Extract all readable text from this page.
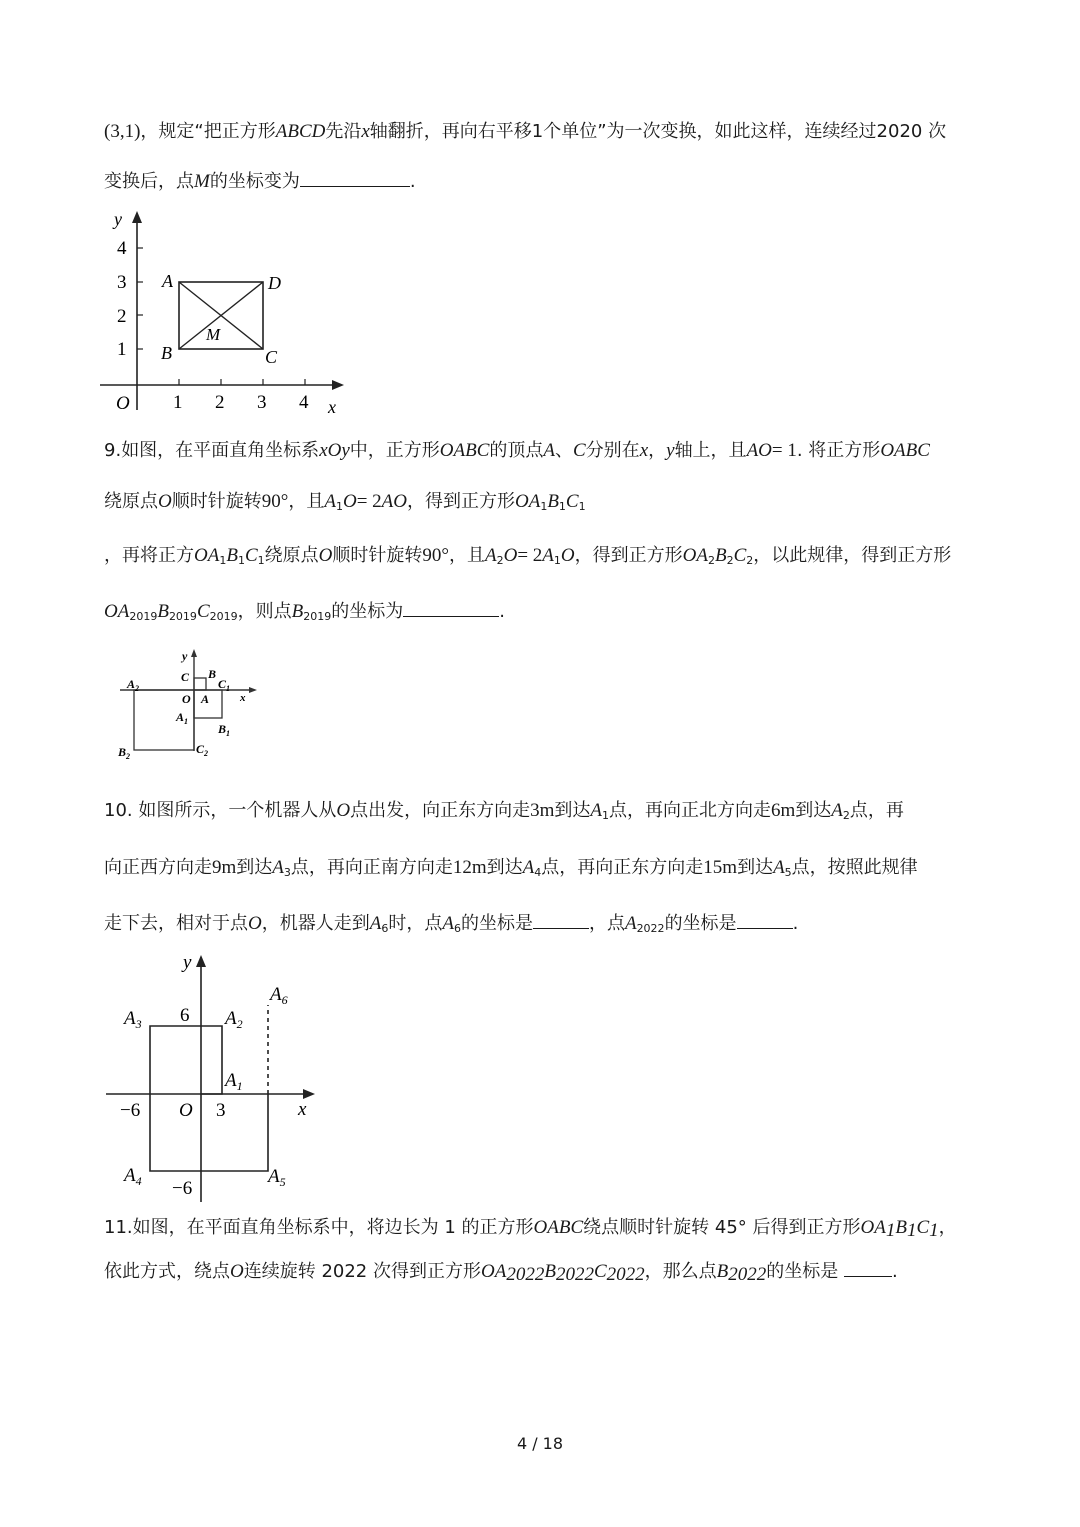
(3,1)，规定“把正方形ABCD先沿x轴翻折，再向右平移1个单位”为一次变换，如此这样，连续经过2020 次
变换后，点M的坐标变为	.
y
x
O
1
2
3
4
1 2 3 4
A	D
B	C
M
9.如图，在平面直角坐标系xOy中，正方形OABC的顶点A、C分别在x，y轴上，且AO= 1. 将正方形OABC
绕原点O顺时针旋转90°，且$A_1O= 2AO$，得到正方形$OA_1B_1C_1$
，再将正方$OA_1B_1C_1$绕原点O顺时针旋转90°，且$A_2O= 2A_1O$，得到正方形$OA_2B_2C_2$，以此规律，得到正方形
$OA_{2019}B_{2019}C_{2019}$，则点$B_{2019}$的坐标为	.
y
x
$A_2$
C B
$C_1$
O A
$A_1$
$B_1$
$B_2$
$C_2$
10. 如图所示，一个机器人从O点出发，向正东方向走3m到达$A_1$点，再向正北方向走6m到达$A_2$点，再
向正西方向走9m到达$A_3$点，再向正南方向走12m到达$A_4$点，再向正东方向走15m到达$A_5$点，按照此规律
走下去，相对于点O，机器人走到$A_6$时，点$A_6$的坐标是	，点$A_{2022}$的坐标是	.
y
x
O
6
−6	3
−6
$A_3$	$A_2$
$A_1$
$A_6$
$A_4$	$A_5$
11.如图，在平面直角坐标系中，将边长为 1 的正方形OABC绕点顺时针旋转 45° 后得到正方形$OA_1B_1C_1$，
依此方式，绕点O连续旋转 2022 次得到正方形$OA_{2022}B_{2022}C_{2022}$，那么点$B_{2022}$的坐标是	.
4 / 18
